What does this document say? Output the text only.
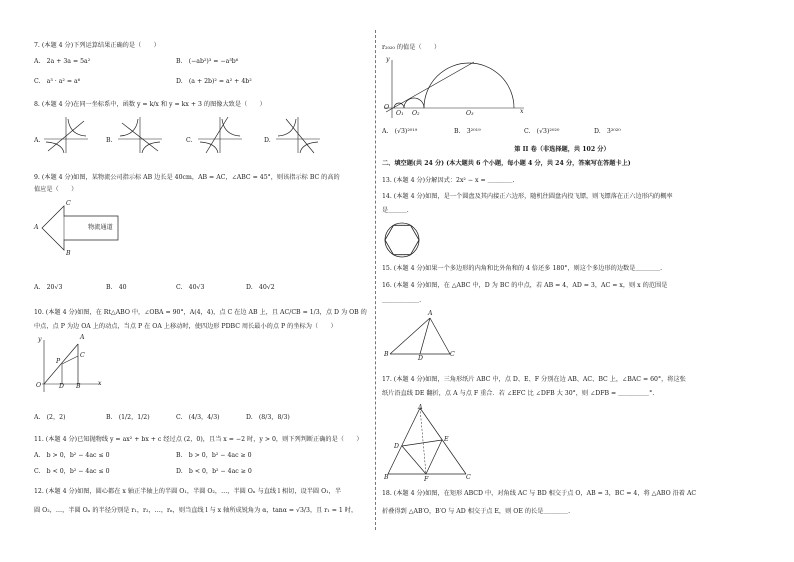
7. (本题 4 分)下列运算结果正确的是（　　）
A.　2a + 3a = 5a²	B.　(−ab²)³ = −a³b⁶
C.　a³ · a² = a⁶	D.　(a + 2b)² = a² + 4b²
8. (本题 4 分)在同一坐标系中，函数 y = k/x 和 y = kx + 3 的图像大致是（　　）
A.	B.	C.	D.
9. (本题 4 分)如图，某物流公司指示标 AB 边长是 40cm，AB = AC，∠ABC = 45°，则该指示标 BC 的高的
值应是（　　）
物流通道
A
C
B
A.　20√3	B.　40	C.　40√3	D.　40√2
10. (本题 4 分)如图，在 Rt△ABO 中，∠OBA = 90°，A(4，4)，点 C 在边 AB 上，且 AC/CB = 1/3，点 D 为 OB 的
中点，点 P 为边 OA 上的动点，当点 P 在 OA 上移动时，使四边形 PDBC 周长最小的点 P 的坐标为（　　）
A
C
P
O	D B	x
y
A.　(2，2)	B.　(1/2，1/2)	C.　(4/3，4/3)	D.　(8/3，8/3)
11. (本题 4 分)已知抛物线 y = ax² + bx + c 经过点 (2，0)，且当 x = −2 时，y > 0，则下列判断正确的是（　　）
A.　b > 0，b² − 4ac ≤ 0	B.　b > 0，b² − 4ac ≥ 0
C.　b < 0，b² − 4ac ≤ 0	D.　b < 0，b² − 4ac ≥ 0
12. (本题 4 分)如图，圆心都在 x 轴正半轴上的半圆 O₁，半圆 O₂，…，半圆 Oₙ 与直线 l 相切，设半圆 O₁，半
圆 O₂，…，半圆 Oₙ 的半径分别是 r₁，r₂，…，rₙ，则当直线 l 与 x 轴所成锐角为 α，tanα = √3/3，且 r₁ = 1 时，
r₂₀₂₀ 的值是（　　）
O
O₁ O₂	O₃	x
y
A.　(√3)²⁰¹⁹	B.　3²⁰¹⁹	C.　(√3)²⁰²⁰	D.　3²⁰²⁰
第 II 卷（非选择题，共 102 分）
二、填空题(共 24 分) (本大题共 6 个小题，每小题 4 分，共 24 分，答案写在答题卡上)
13. (本题 4 分)分解因式：2x² − x = ＿＿＿＿.
14. (本题 4 分)如图，是一个圆盘及其内接正六边形，随机往圆盘内投飞镖，则飞镖落在正六边形内的概率
是＿＿＿.
15. (本题 4 分)如果一个多边形的内角和比外角和的 4 倍还多 180°，则这个多边形的边数是＿＿＿＿.
16. (本题 4 分)如图，在 △ABC 中，D 为 BC 的中点，若 AB = 4，AD = 3，AC = x，则 x 的范围是
＿＿＿＿＿＿.
A
B	C
D
17. (本题 4 分)如图，三角形纸片 ABC 中，点 D、E、F 分别在边 AB、AC、BC 上，∠BAC = 60°，将这张
纸片沿直线 DE 翻折，点 A 与点 F 重合．若 ∠EFC 比 ∠DFB 大 30°，则 ∠DFB = ＿＿＿＿＿°.
A
B	C
D
E
F
18. (本题 4 分)如图，在矩形 ABCD 中，对角线 AC 与 BD 相交于点 O，AB = 3，BC = 4，将 △ABO 沿着 AC
折叠得到 △AB′O，B′O 与 AD 相交于点 E，则 OE 的长是＿＿＿＿.
